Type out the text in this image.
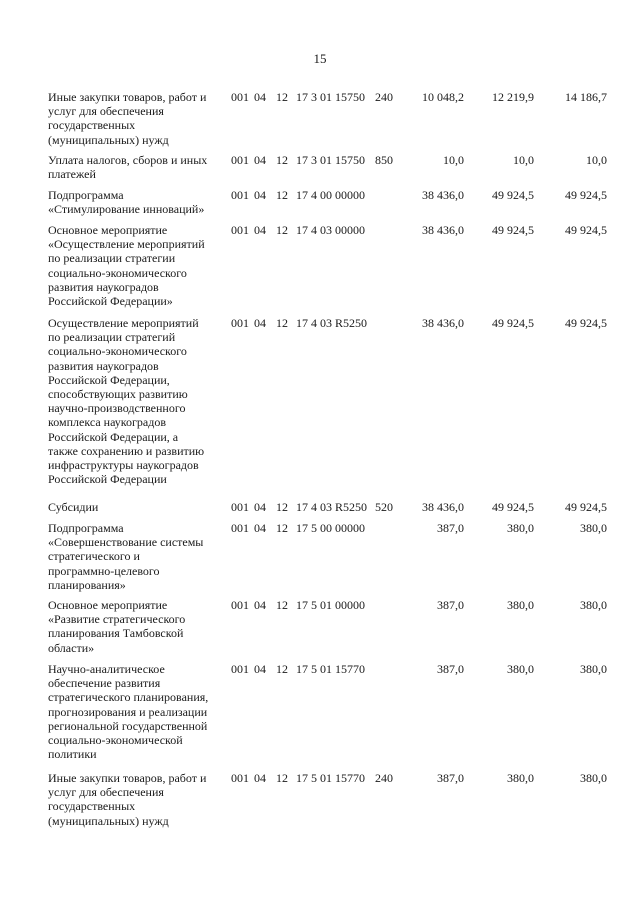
15
Иные закупки товаров, работ и
услуг для обеспечения
государственных
(муниципальных) нужд
001 04 12 17 3 01 15750 240	10 048,2	12 219,9	14 186,7
Уплата налогов, сборов и иных
платежей
001 04 12 17 3 01 15750 850	10,0	10,0	10,0
Подпрограмма
«Стимулирование инноваций»
001 04 12 17 4 00 00000	38 436,0	49 924,5	49 924,5
Основное мероприятие
«Осуществление мероприятий
по реализации стратегии
социально-экономического
развития наукоградов
Российской Федерации»
001 04 12 17 4 03 00000	38 436,0	49 924,5	49 924,5
Осуществление мероприятий
по реализации стратегий
социально-экономического
развития наукоградов
Российской Федерации,
способствующих развитию
научно-производственного
комплекса наукоградов
Российской Федерации, а
также сохранению и развитию
инфраструктуры наукоградов
Российской Федерации
001 04 12 17 4 03 R5250	38 436,0	49 924,5	49 924,5
Субсидии	001 04 12 17 4 03 R5250 520	38 436,0	49 924,5	49 924,5
Подпрограмма
«Совершенствование системы
стратегического и
программно-целевого
планирования»
001 04 12 17 5 00 00000	387,0	380,0	380,0
Основное мероприятие
«Развитие стратегического
планирования Тамбовской
области»
001 04 12 17 5 01 00000	387,0	380,0	380,0
Научно-аналитическое
обеспечение развития
стратегического планирования,
прогнозирования и реализации
региональной государственной
социально-экономической
политики
001 04 12 17 5 01 15770	387,0	380,0	380,0
Иные закупки товаров, работ и
услуг для обеспечения
государственных
(муниципальных) нужд
001 04 12 17 5 01 15770 240	387,0	380,0	380,0
